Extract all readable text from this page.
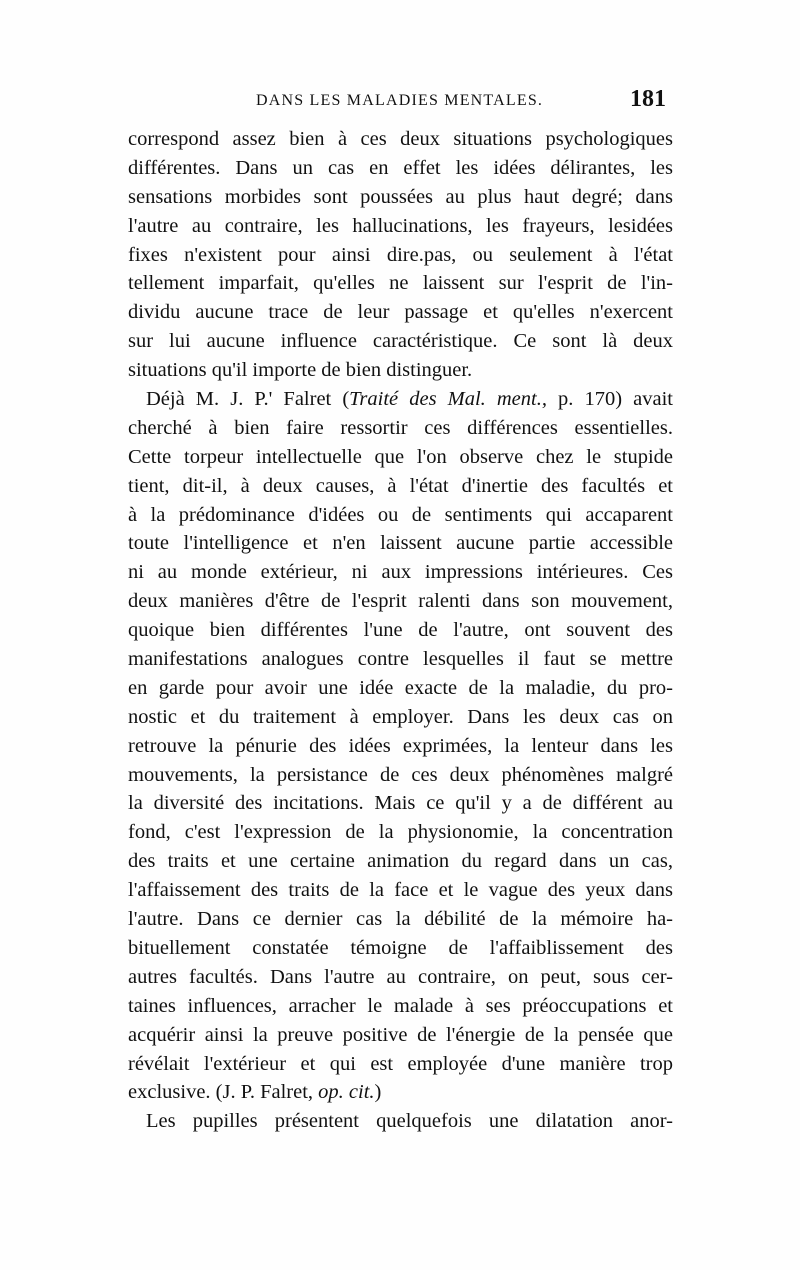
DANS LES MALADIES MENTALES.	181
correspond assez bien à ces deux situations psychologiques
différentes. Dans un cas en effet les idées délirantes, les
sensations morbides sont poussées au plus haut degré; dans
l'autre au contraire, les hallucinations, les frayeurs, lesidées
fixes n'existent pour ainsi dire.pas, ou seulement à l'état
tellement imparfait, qu'elles ne laissent sur l'esprit de l'in-
dividu aucune trace de leur passage et qu'elles n'exercent
sur lui aucune influence caractéristique. Ce sont là deux
situations qu'il importe de bien distinguer.
Déjà M. J. P.' Falret (Traité des Mal. ment., p. 170) avait
cherché à bien faire ressortir ces différences essentielles.
Cette torpeur intellectuelle que l'on observe chez le stupide
tient, dit-il, à deux causes, à l'état d'inertie des facultés et
à la prédominance d'idées ou de sentiments qui accaparent
toute l'intelligence et n'en laissent aucune partie accessible
ni au monde extérieur, ni aux impressions intérieures. Ces
deux manières d'être de l'esprit ralenti dans son mouvement,
quoique bien différentes l'une de l'autre, ont souvent des
manifestations analogues contre lesquelles il faut se mettre
en garde pour avoir une idée exacte de la maladie, du pro-
nostic et du traitement à employer. Dans les deux cas on
retrouve la pénurie des idées exprimées, la lenteur dans les
mouvements, la persistance de ces deux phénomènes malgré
la diversité des incitations. Mais ce qu'il y a de différent au
fond, c'est l'expression de la physionomie, la concentration
des traits et une certaine animation du regard dans un cas,
l'affaissement des traits de la face et le vague des yeux dans
l'autre. Dans ce dernier cas la débilité de la mémoire ha-
bituellement constatée témoigne de l'affaiblissement des
autres facultés. Dans l'autre au contraire, on peut, sous cer-
taines influences, arracher le malade à ses préoccupations et
acquérir ainsi la preuve positive de l'énergie de la pensée que
révélait l'extérieur et qui est employée d'une manière trop
exclusive. (J. P. Falret, op. cit.)
Les pupilles présentent quelquefois une dilatation anor-
